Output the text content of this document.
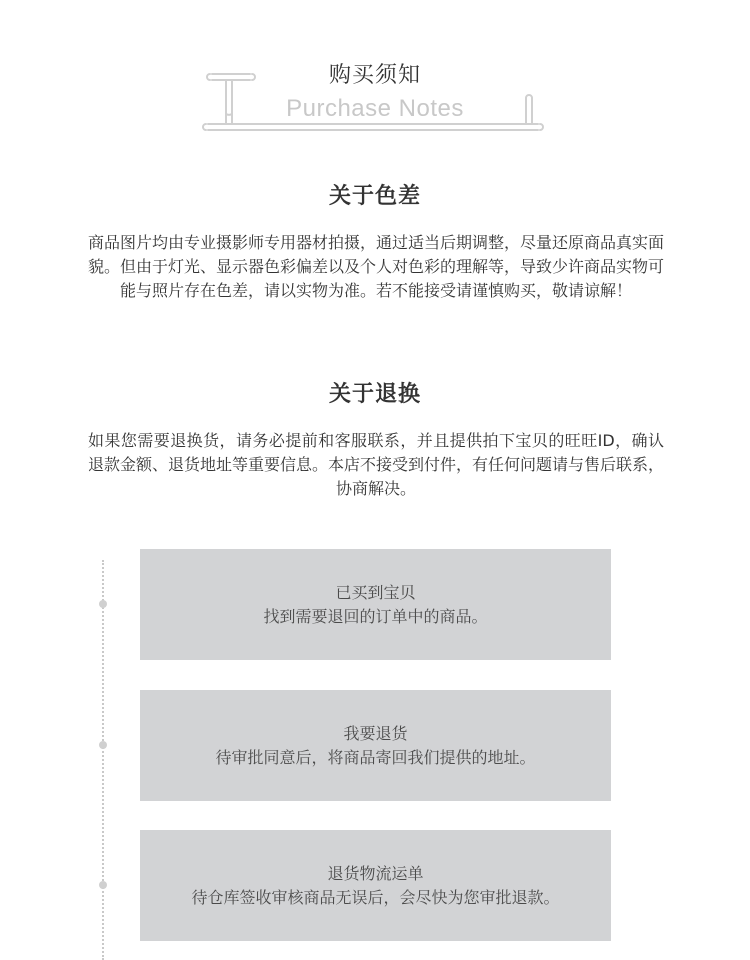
购买须知
Purchase Notes
关于色差
商品图片均由专业摄影师专用器材拍摄，通过适当后期调整，尽量还原商品真实面貌。但由于灯光、显示器色彩偏差以及个人对色彩的理解等，导致少许商品实物可能与照片存在色差，请以实物为准。若不能接受请谨慎购买，敬请谅解！
关于退换
如果您需要退换货，请务必提前和客服联系，并且提供拍下宝贝的旺旺ID，确认退款金额、退货地址等重要信息。本店不接受到付件，有任何问题请与售后联系，协商解决。
已买到宝贝
找到需要退回的订单中的商品。
我要退货
待审批同意后，将商品寄回我们提供的地址。
退货物流运单
待仓库签收审核商品无误后，会尽快为您审批退款。
